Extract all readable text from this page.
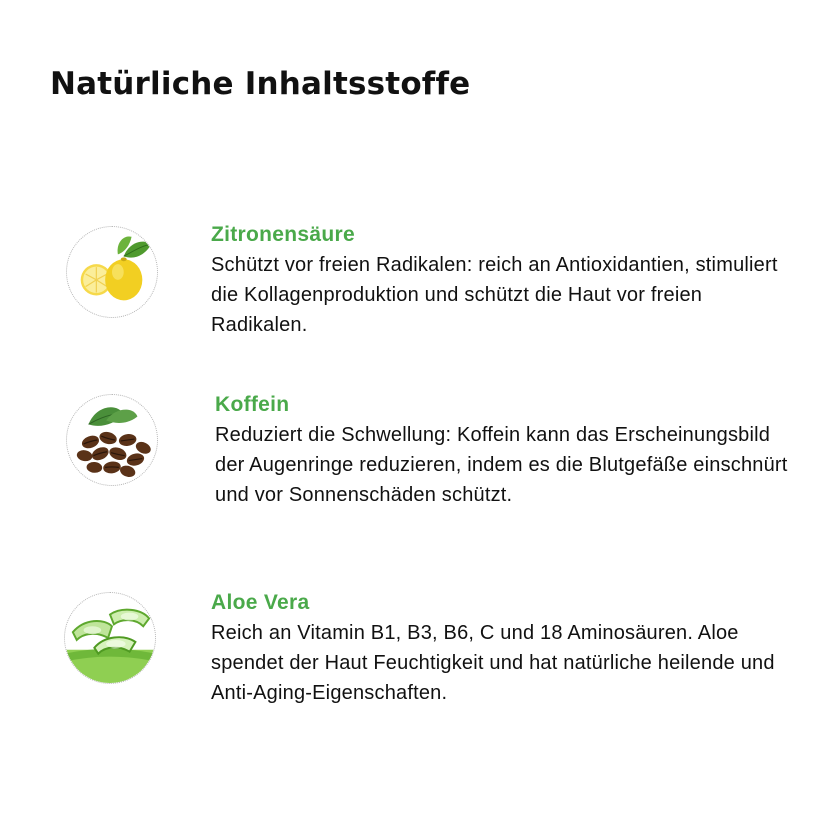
Natürliche Inhaltsstoffe
Zitronensäure

Schützt vor freien Radikalen: reich an Antioxidantien, stimuliert die Kollagenproduktion und schützt die Haut vor freien Radikalen.

Koffein

Reduziert die Schwellung: Koffein kann das Erscheinungsbild der Augenringe reduzieren, indem es die Blutgefäße einschnürt und vor Sonnenschäden schützt.

Aloe Vera

Reich an Vitamin B1, B3, B6, C und 18 Aminosäuren. Aloe spendet der Haut Feuchtigkeit und hat natürliche heilende und Anti-Aging-Eigenschaften.
